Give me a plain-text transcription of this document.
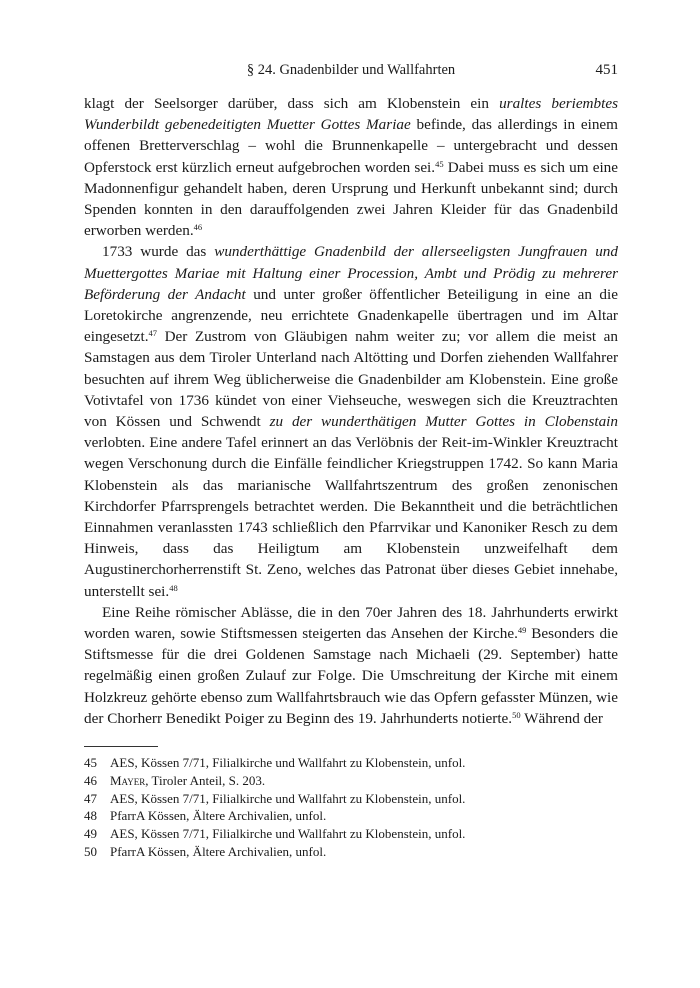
§ 24. Gnadenbilder und Wallfahrten	451

klagt der Seelsorger darüber, dass sich am Klobenstein ein uraltes beriembtes Wunderbildt gebenedeitigten Muetter Gottes Mariae befinde, das allerdings in einem offenen Bretterverschlag – wohl die Brunnenkapelle – untergebracht und dessen Opferstock erst kürzlich erneut aufgebrochen worden sei.$^{45}$ Dabei muss es sich um eine Madonnenfigur gehandelt haben, deren Ursprung und Herkunft unbekannt sind; durch Spenden konnten in den darauffolgenden zwei Jahren Kleider für das Gnadenbild erworben werden.$^{46}$

1733 wurde das wunderthättige Gnadenbild der allerseeligsten Jungfrauen und Muettergottes Mariae mit Haltung einer Procession, Ambt und Prödig zu mehrerer Beförderung der Andacht und unter großer öffentlicher Beteiligung in eine an die Loretokirche angrenzende, neu errichtete Gnadenkapelle übertragen und im Altar eingesetzt.$^{47}$ Der Zustrom von Gläubigen nahm weiter zu; vor allem die meist an Samstagen aus dem Tiroler Unterland nach Altötting und Dorfen ziehenden Wallfahrer besuchten auf ihrem Weg üblicherweise die Gnadenbilder am Klobenstein. Eine große Votivtafel von 1736 kündet von einer Viehseuche, weswegen sich die Kreuztrachten von Kössen und Schwendt zu der wunderthätigen Mutter Gottes in Clobenstain verlobten. Eine andere Tafel erinnert an das Verlöbnis der Reit-im-Winkler Kreuztracht wegen Verschonung durch die Einfälle feindlicher Kriegstruppen 1742. So kann Maria Klobenstein als das marianische Wallfahrtszentrum des großen zenonischen Kirchdorfer Pfarrsprengels betrachtet werden. Die Bekanntheit und die beträchtlichen Einnahmen veranlassten 1743 schließlich den Pfarrvikar und Kanoniker Resch zu dem Hinweis, dass das Heiligtum am Klobenstein unzweifelhaft dem Augustinerchorherrenstift St. Zeno, welches das Patronat über dieses Gebiet innehabe, unterstellt sei.$^{48}$

Eine Reihe römischer Ablässe, die in den 70er Jahren des 18. Jahrhunderts erwirkt worden waren, sowie Stiftsmessen steigerten das Ansehen der Kirche.$^{49}$ Besonders die Stiftsmesse für die drei Goldenen Samstage nach Michaeli (29. September) hatte regelmäßig einen großen Zulauf zur Folge. Die Umschreitung der Kirche mit einem Holzkreuz gehörte ebenso zum Wallfahrtsbrauch wie das Opfern gefasster Münzen, wie der Chorherr Benedikt Poiger zu Beginn des 19. Jahrhunderts notierte.$^{50}$ Während der

45	AES, Kössen 7/71, Filialkirche und Wallfahrt zu Klobenstein, unfol.
46	Mayer, Tiroler Anteil, S. 203.
47	AES, Kössen 7/71, Filialkirche und Wallfahrt zu Klobenstein, unfol.
48	PfarrA Kössen, Ältere Archivalien, unfol.
49	AES, Kössen 7/71, Filialkirche und Wallfahrt zu Klobenstein, unfol.
50	PfarrA Kössen, Ältere Archivalien, unfol.
